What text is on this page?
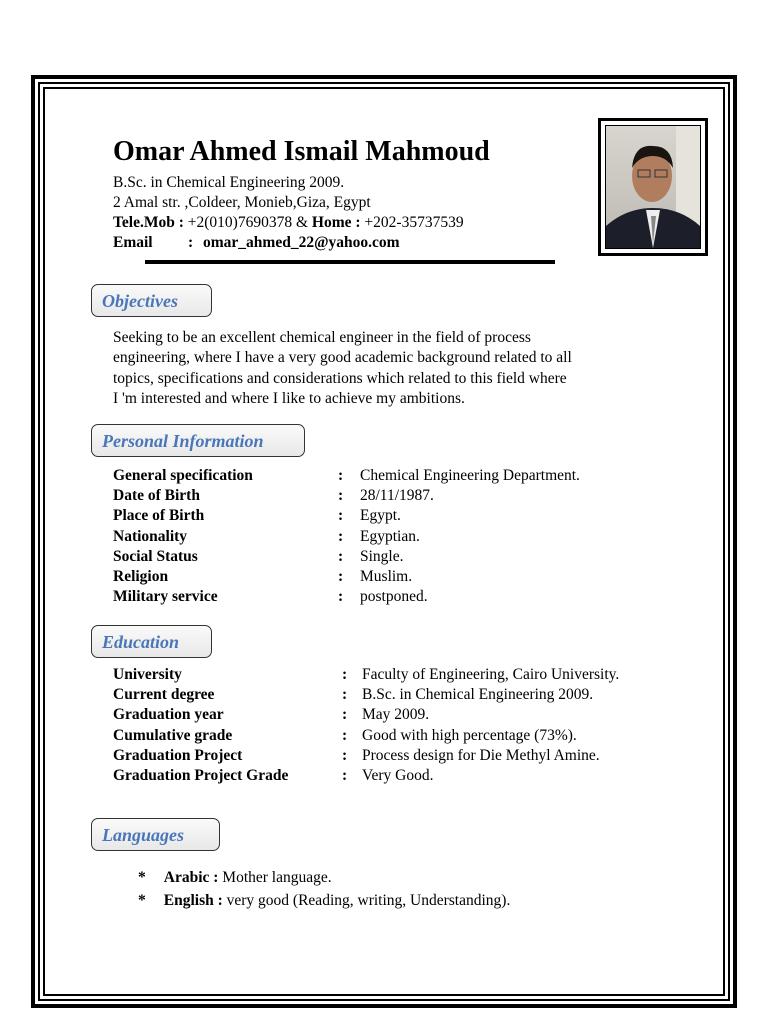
Omar Ahmed Ismail Mahmoud
B.Sc. in Chemical Engineering 2009.
2 Amal str. ,Coldeer, Monieb,Giza, Egypt
Tele.Mob : +2(010)7690378 & Home : +202-35737539
Email : omar_ahmed_22@yahoo.com
Objectives
Seeking to be an excellent chemical engineer in the field of process
engineering, where I have a very good academic background related to all
topics, specifications and considerations which related to this field where
I 'm interested and where I like to achieve my ambitions.
Personal Information
General specification	: Chemical Engineering Department.
Date of Birth	: 28/11/1987.
Place of Birth	: Egypt.
Nationality	: Egyptian.
Social Status	: Single.
Religion	: Muslim.
Military service	: postponed.
Education
University	: Faculty of Engineering, Cairo University.
Current degree	: B.Sc. in Chemical Engineering 2009.
Graduation year	: May 2009.
Cumulative grade	: Good with high percentage (73%).
Graduation Project	: Process design for Die Methyl Amine.
Graduation Project Grade	: Very Good.
Languages
* Arabic : Mother language.
* English : very good (Reading, writing, Understanding).
